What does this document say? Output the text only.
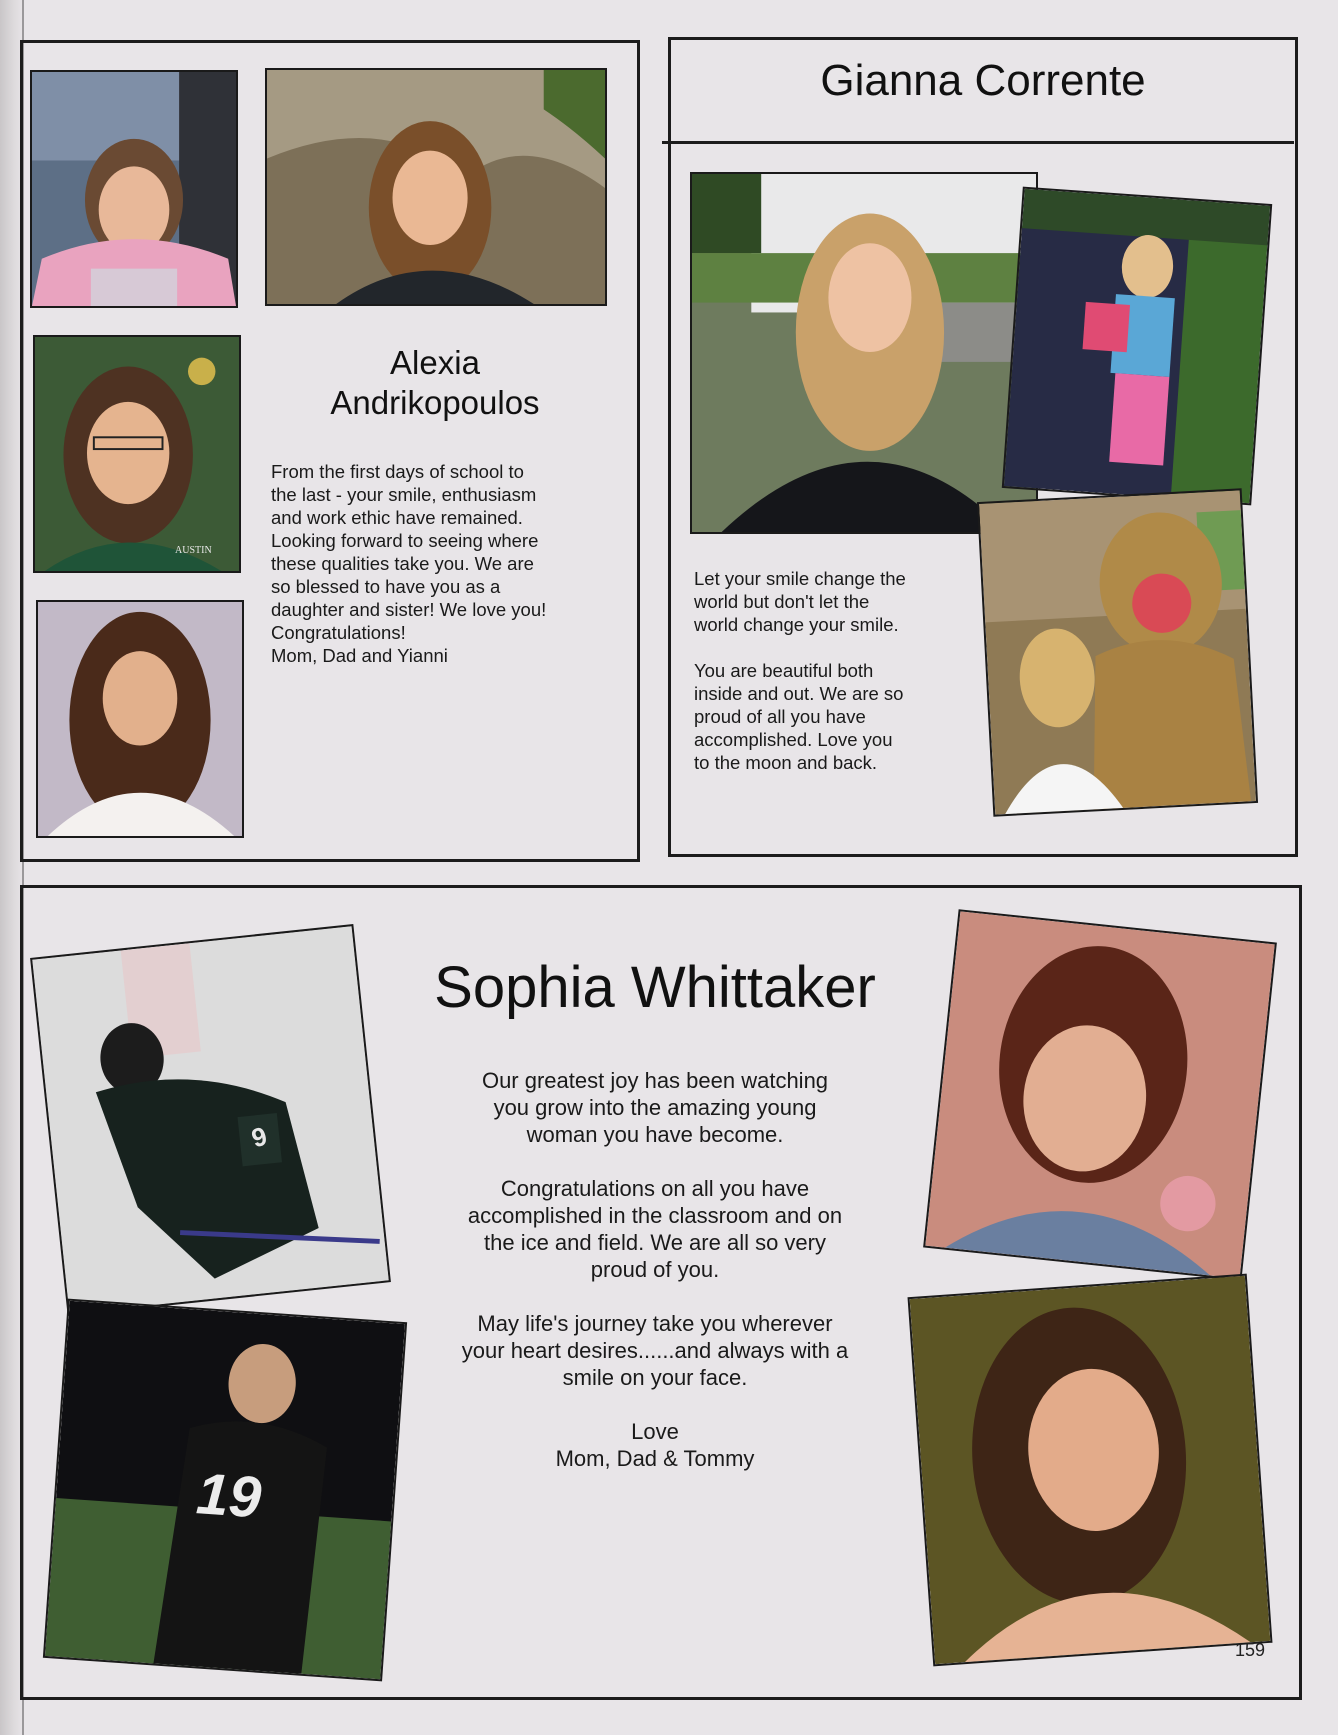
AUSTIN
Alexia
Andrikopoulos
From the first days of school to
the last - your smile, enthusiasm
and work ethic have remained.
Looking forward to seeing where
these qualities take you. We are
so blessed to have you as a
daughter and sister! We love you!
Congratulations!
Mom, Dad and Yianni
Gianna Corrente
Let your smile change the
world but don't let the
world change your smile.

You are beautiful both
inside and out. We are so
proud of all you have
accomplished. Love you
to the moon and back.
9
19
Sophia Whittaker
Our greatest joy has been watching
you grow into the amazing young
woman you have become.

Congratulations on all you have
accomplished in the classroom and on
the ice and field. We are all so very
proud of you.

May life's journey take you wherever
your heart desires......and always with a
smile on your face.

Love
Mom, Dad & Tommy
159
